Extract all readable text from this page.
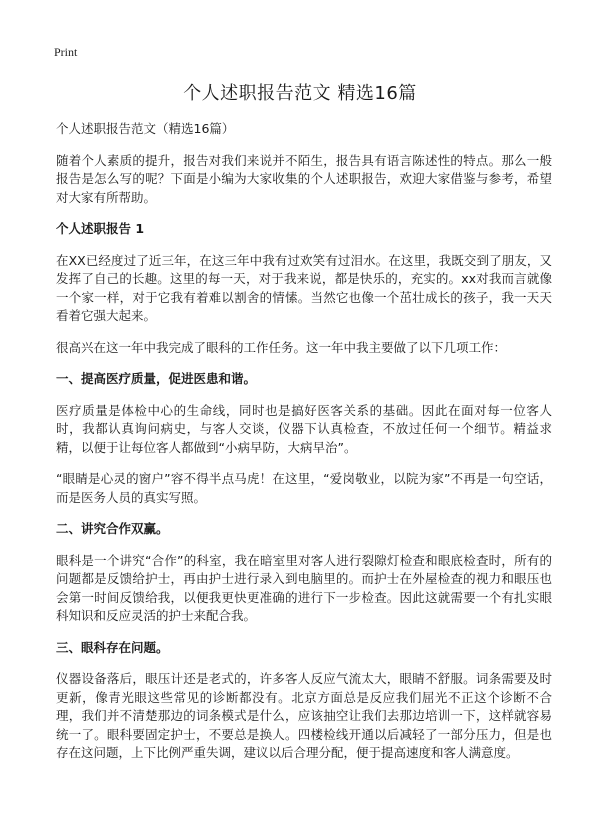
Print

个人述职报告范文 精选16篇

个人述职报告范文（精选16篇）

随着个人素质的提升，报告对我们来说并不陌生，报告具有语言陈述性的特点。那么一般报告是怎么写的呢？下面是小编为大家收集的个人述职报告，欢迎大家借鉴与参考，希望对大家有所帮助。

个人述职报告 1

在XX已经度过了近三年，在这三年中我有过欢笑有过泪水。在这里，我既交到了朋友，又发挥了自己的长趣。这里的每一天，对于我来说，都是快乐的，充实的。xx对我而言就像一个家一样，对于它我有着难以割舍的情愫。当然它也像一个茁壮成长的孩子，我一天天看着它强大起来。

很高兴在这一年中我完成了眼科的工作任务。这一年中我主要做了以下几项工作：

一、提高医疗质量，促进医患和谐。

医疗质量是体检中心的生命线，同时也是搞好医客关系的基础。因此在面对每一位客人时，我都认真询问病史，与客人交谈，仪器下认真检查，不放过任何一个细节。精益求精，以便于让每位客人都做到“小病早防，大病早治”。

“眼睛是心灵的窗户”容不得半点马虎！在这里，“爱岗敬业，以院为家”不再是一句空话，而是医务人员的真实写照。

二、讲究合作双赢。

眼科是一个讲究“合作”的科室，我在暗室里对客人进行裂隙灯检查和眼底检查时，所有的问题都是反馈给护士，再由护士进行录入到电脑里的。而护士在外屋检查的视力和眼压也会第一时间反馈给我，以便我更快更准确的进行下一步检查。因此这就需要一个有扎实眼科知识和反应灵活的护士来配合我。

三、眼科存在问题。

仪器设备落后，眼压计还是老式的，许多客人反应气流太大，眼睛不舒服。词条需要及时更新，像青光眼这些常见的诊断都没有。北京方面总是反应我们屈光不正这个诊断不合理，我们并不清楚那边的词条模式是什么，应该抽空让我们去那边培训一下，这样就容易统一了。眼科要固定护士，不要总是换人。四楼检线开通以后减轻了一部分压力，但是也存在这问题，上下比例严重失调，建议以后合理分配，便于提高速度和客人满意度。
